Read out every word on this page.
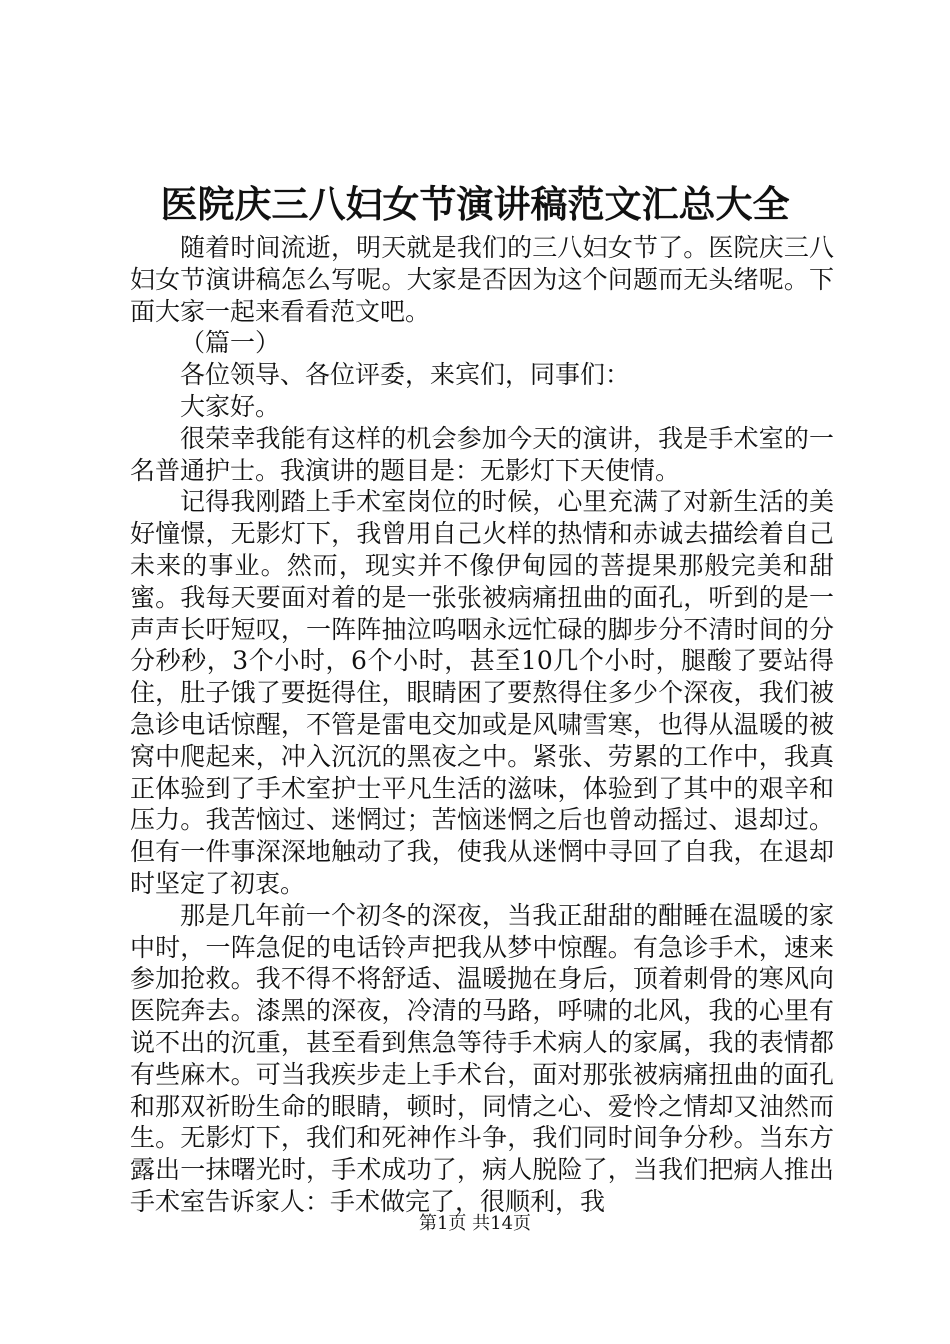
医院庆三八妇女节演讲稿范文汇总大全

随着时间流逝，明天就是我们的三八妇女节了。医院庆三八妇女节演讲稿怎么写呢。大家是否因为这个问题而无头绪呢。下面大家一起来看看范文吧。

（篇一）

各位领导、各位评委，来宾们，同事们：

大家好。

很荣幸我能有这样的机会参加今天的演讲，我是手术室的一名普通护士。我演讲的题目是：无影灯下天使情。

记得我刚踏上手术室岗位的时候，心里充满了对新生活的美好憧憬，无影灯下，我曾用自己火样的热情和赤诚去描绘着自己未来的事业。然而，现实并不像伊甸园的菩提果那般完美和甜蜜。我每天要面对着的是一张张被病痛扭曲的面孔，听到的是一声声长吁短叹，一阵阵抽泣呜咽永远忙碌的脚步分不清时间的分分秒秒，3个小时，6个小时，甚至10几个小时，腿酸了要站得住，肚子饿了要挺得住，眼睛困了要熬得住多少个深夜，我们被急诊电话惊醒，不管是雷电交加或是风啸雪寒，也得从温暖的被窝中爬起来，冲入沉沉的黑夜之中。紧张、劳累的工作中，我真正体验到了手术室护士平凡生活的滋味，体验到了其中的艰辛和压力。我苦恼过、迷惘过；苦恼迷惘之后也曾动摇过、退却过。但有一件事深深地触动了我，使我从迷惘中寻回了自我，在退却时坚定了初衷。

那是几年前一个初冬的深夜，当我正甜甜的酣睡在温暖的家中时，一阵急促的电话铃声把我从梦中惊醒。有急诊手术，速来参加抢救。我不得不将舒适、温暖抛在身后，顶着刺骨的寒风向医院奔去。漆黑的深夜，冷清的马路，呼啸的北风，我的心里有说不出的沉重，甚至看到焦急等待手术病人的家属，我的表情都有些麻木。可当我疾步走上手术台，面对那张被病痛扭曲的面孔和那双祈盼生命的眼睛，顿时，同情之心、爱怜之情却又油然而生。无影灯下，我们和死神作斗争，我们同时间争分秒。当东方露出一抹曙光时，手术成功了，病人脱险了，当我们把病人推出手术室告诉家人：手术做完了，很顺利，我

第1页 共14页
